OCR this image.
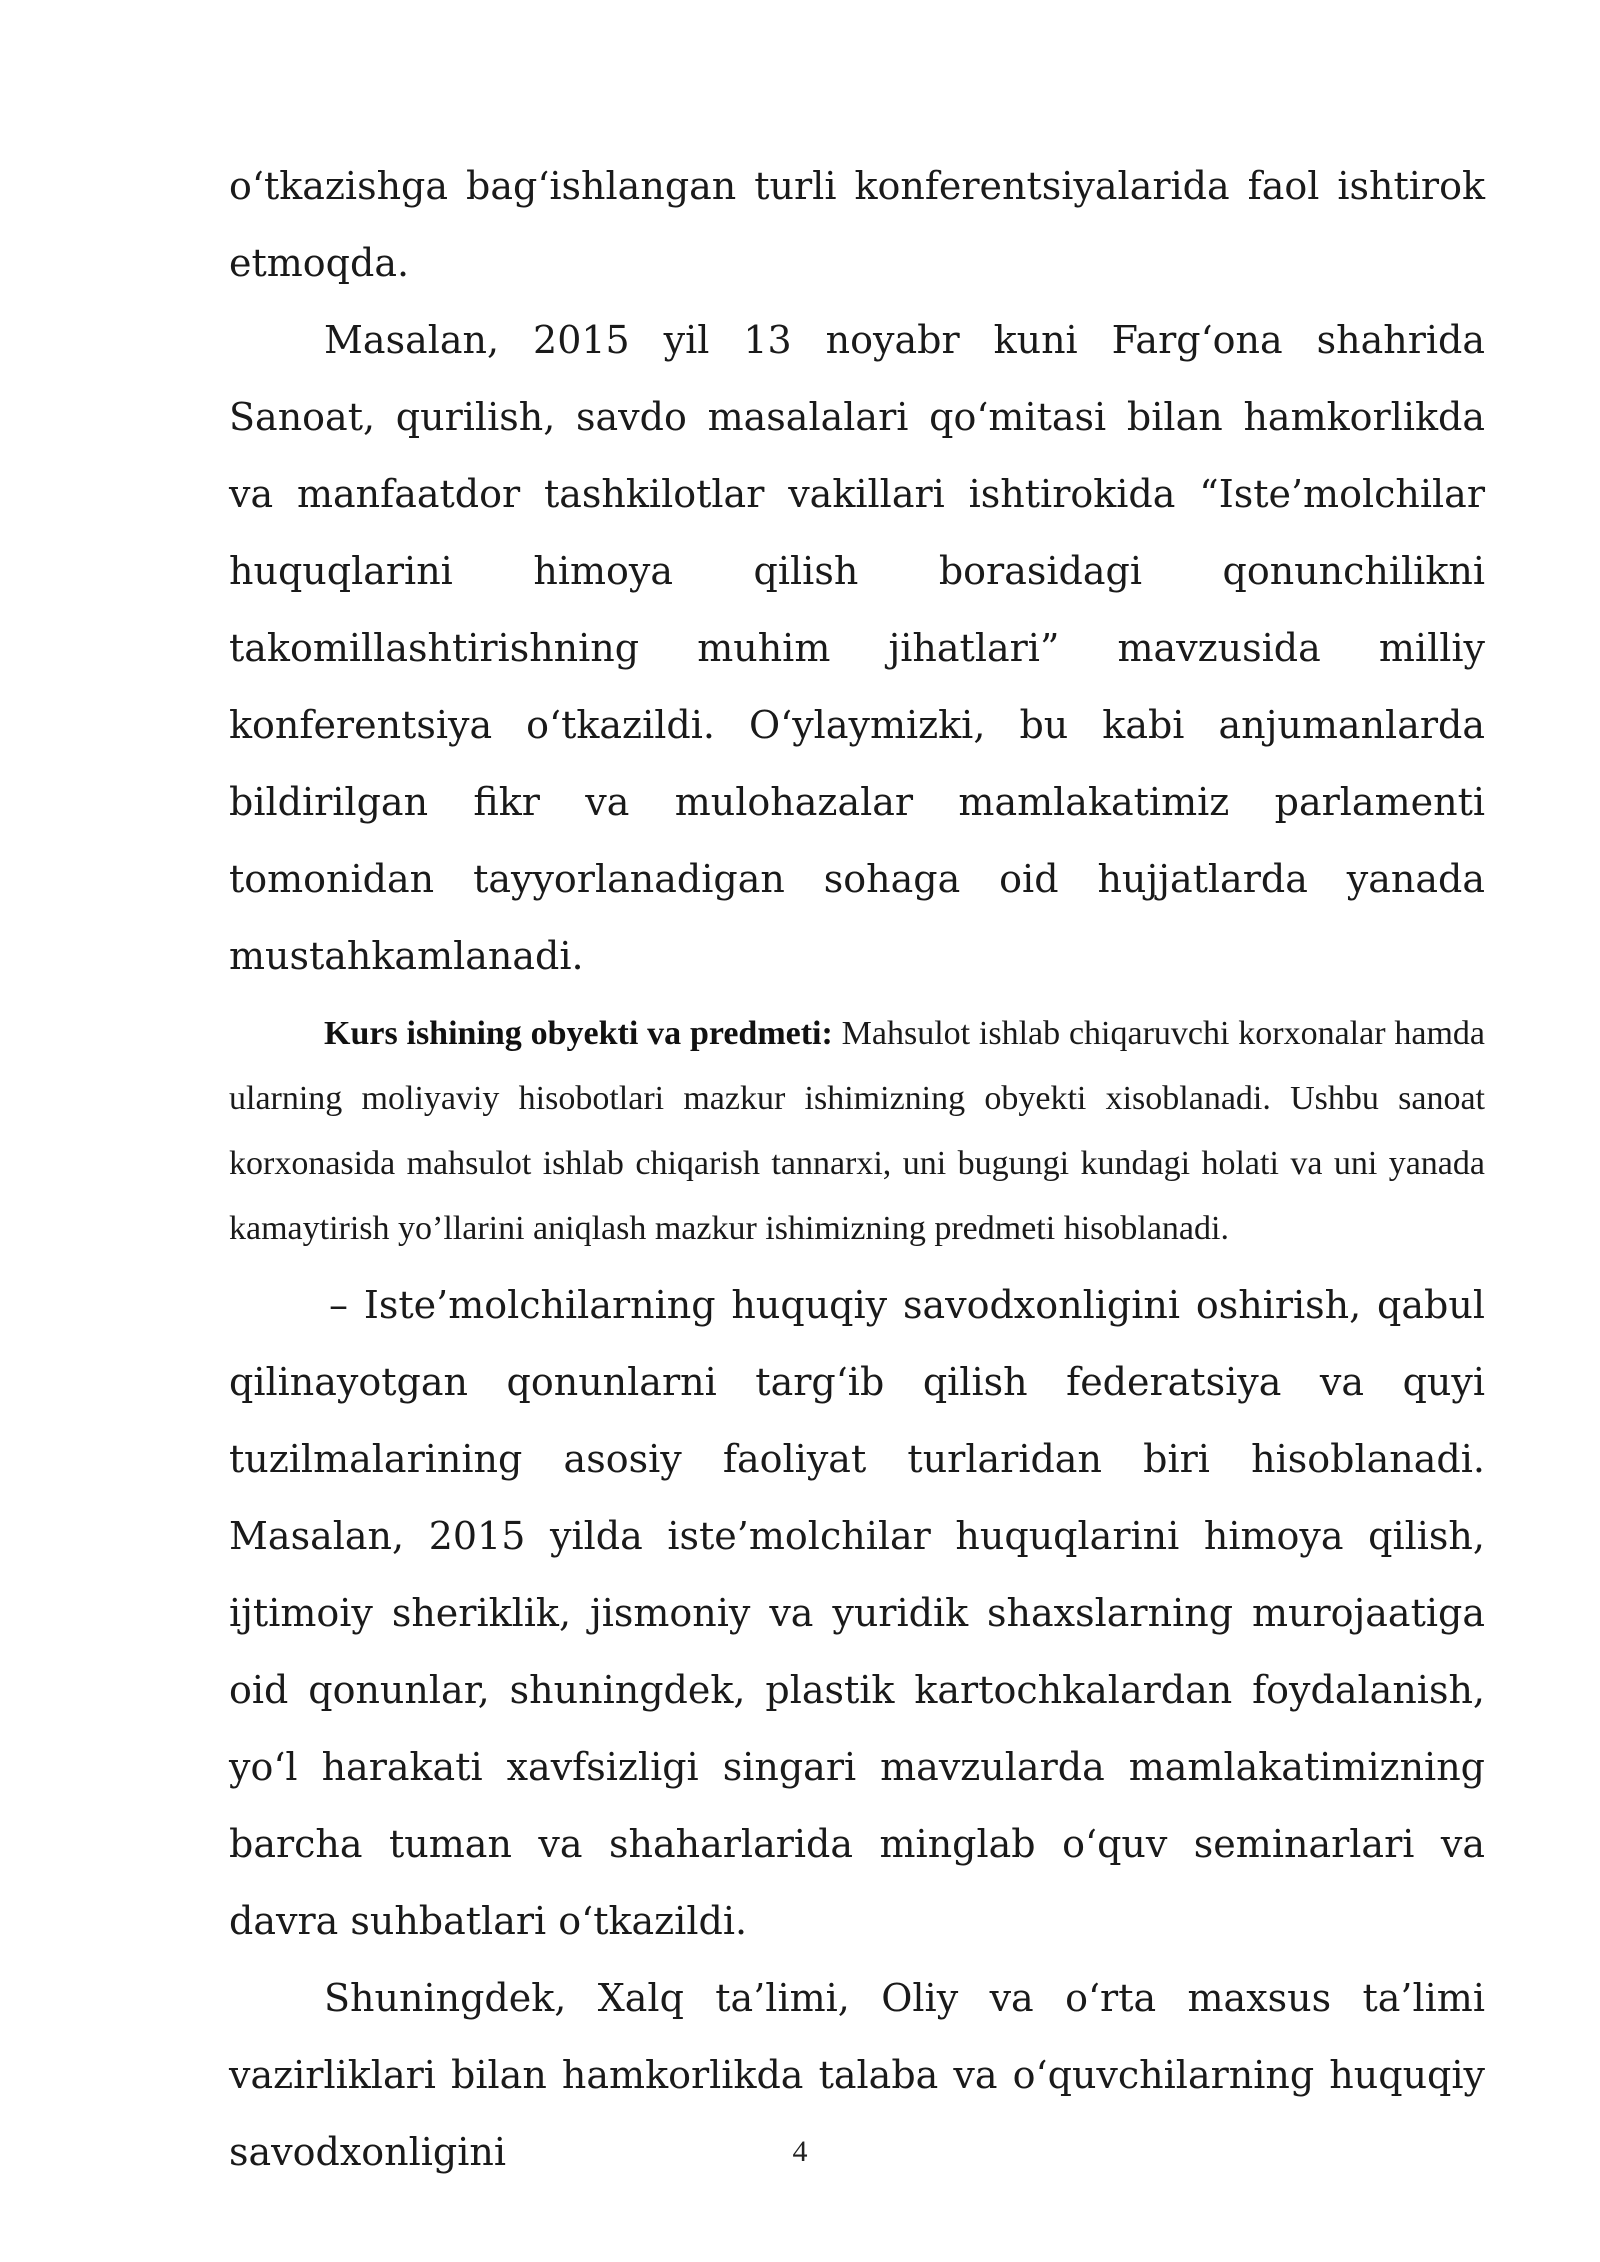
o‘tkazishga bag‘ishlangan turli konferentsiyalarida faol ishtirok etmoqda.

Masalan, 2015 yil 13 noyabr kuni Farg‘ona shahrida Sanoat, qurilish, savdo masalalari qo‘mitasi bilan hamkorlikda va manfaatdor tashkilotlar vakillari ishtirokida “Iste’molchilar huquqlarini himoya qilish borasidagi qonunchilikni takomillashtirishning muhim jihatlari” mavzusida milliy konferentsiya o‘tkazildi. O‘ylaymizki, bu kabi anjumanlarda bildirilgan fikr va mulohazalar mamlakatimiz parlamenti tomonidan tayyorlanadigan sohaga oid hujjatlarda yanada mustahkamlanadi.

Kurs ishining obyekti va predmeti: Mahsulot ishlab chiqaruvchi korxonalar hamda ularning moliyaviy hisobotlari mazkur ishimizning obyekti xisoblanadi. Ushbu sanoat korxonasida mahsulot ishlab chiqarish tannarxi, uni bugungi kundagi holati va uni yanada kamaytirish yo’llarini aniqlash mazkur ishimizning predmeti hisoblanadi.

– Iste’molchilarning huquqiy savodxonligini oshirish, qabul qilinayotgan qonunlarni targ‘ib qilish federatsiya va quyi tuzilmalarining asosiy faoliyat turlaridan biri hisoblanadi. Masalan, 2015 yilda iste’molchilar huquqlarini himoya qilish, ijtimoiy sheriklik, jismoniy va yuridik shaxslarning murojaatiga oid qonunlar, shuningdek, plastik kartochkalardan foydalanish, yo‘l harakati xavfsizligi singari mavzularda mamlakatimizning barcha tuman va shaharlarida minglab o‘quv seminarlari va davra suhbatlari o‘tkazildi.

Shuningdek, Xalq ta’limi, Oliy va o‘rta maxsus ta’limi vazirliklari bilan hamkorlikda talaba va o‘quvchilarning huquqiy savodxonligini	4
